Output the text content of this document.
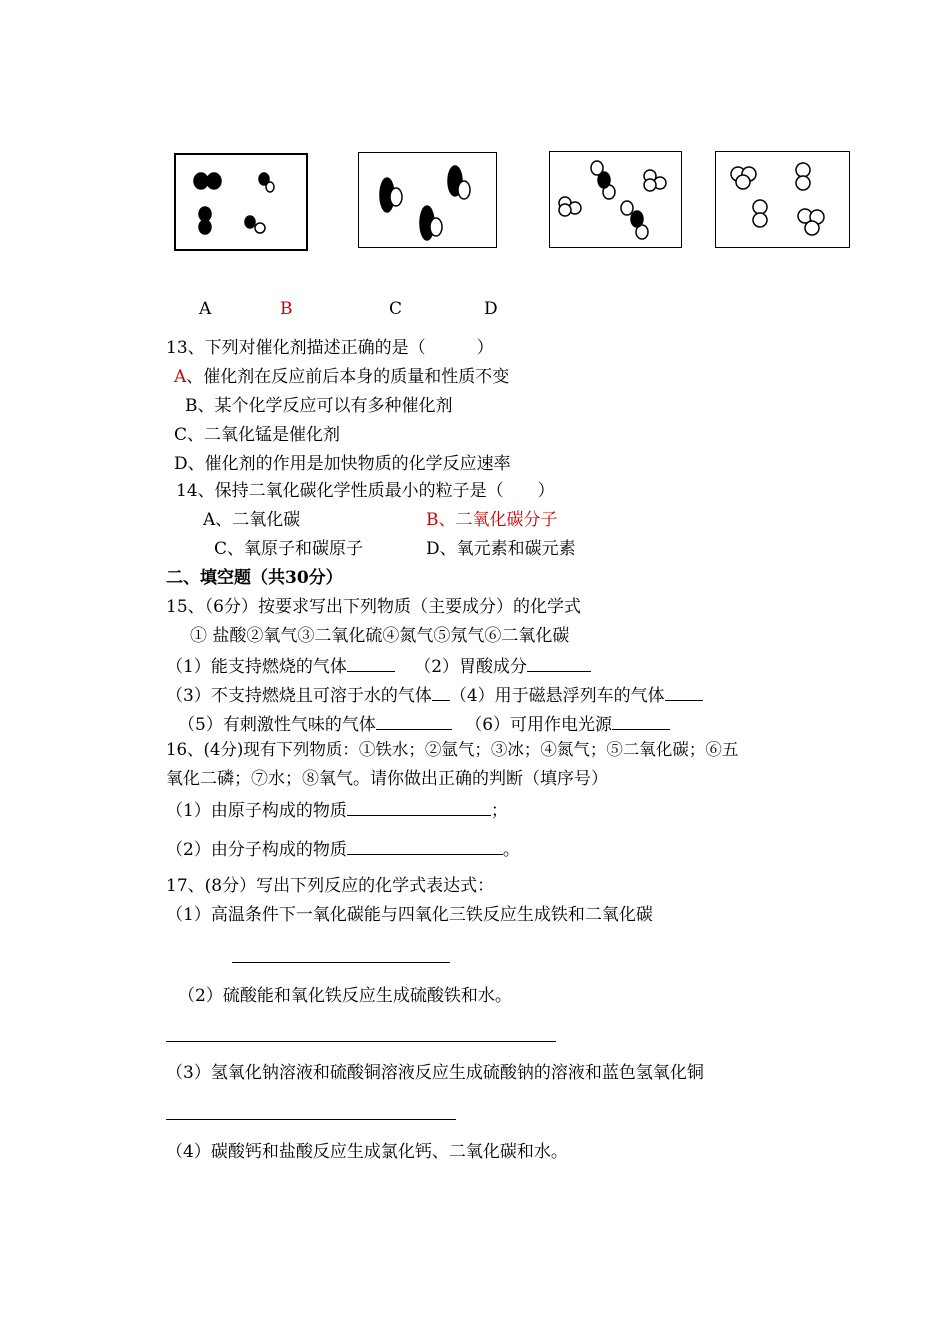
A	B	C	D
13、下列对催化剂描述正确的是（　　　）
A、催化剂在反应前后本身的质量和性质不变
B、某个化学反应可以有多种催化剂
C、二氧化锰是催化剂
D、催化剂的作用是加快物质的化学反应速率
14、保持二氧化碳化学性质最小的粒子是（　　）
A、二氧化碳	B、二氧化碳分子
C、氧原子和碳原子	D、氧元素和碳元素
二、填空题（共30分）
15、（6分）按要求写出下列物质（主要成分）的化学式
① 盐酸②氧气③二氧化硫④氮气⑤氖气⑥二氧化碳
（1）能支持燃烧的气体	（2）胃酸成分
（3）不支持燃烧且可溶于水的气体 （4）用于磁悬浮列车的气体
（5）有刺激性气味的气体	（6）可用作电光源
16、(4分)现有下列物质：①铁水；②氩气；③冰；④氮气；⑤二氧化碳；⑥五
氧化二磷；⑦水；⑧氧气。请你做出正确的判断（填序号）
（1）由原子构成的物质	；
（2）由分子构成的物质	。
17、(8分）写出下列反应的化学式表达式：
（1）高温条件下一氧化碳能与四氧化三铁反应生成铁和二氧化碳
（2）硫酸能和氧化铁反应生成硫酸铁和水。
（3）氢氧化钠溶液和硫酸铜溶液反应生成硫酸钠的溶液和蓝色氢氧化铜
（4）碳酸钙和盐酸反应生成氯化钙、二氧化碳和水。
